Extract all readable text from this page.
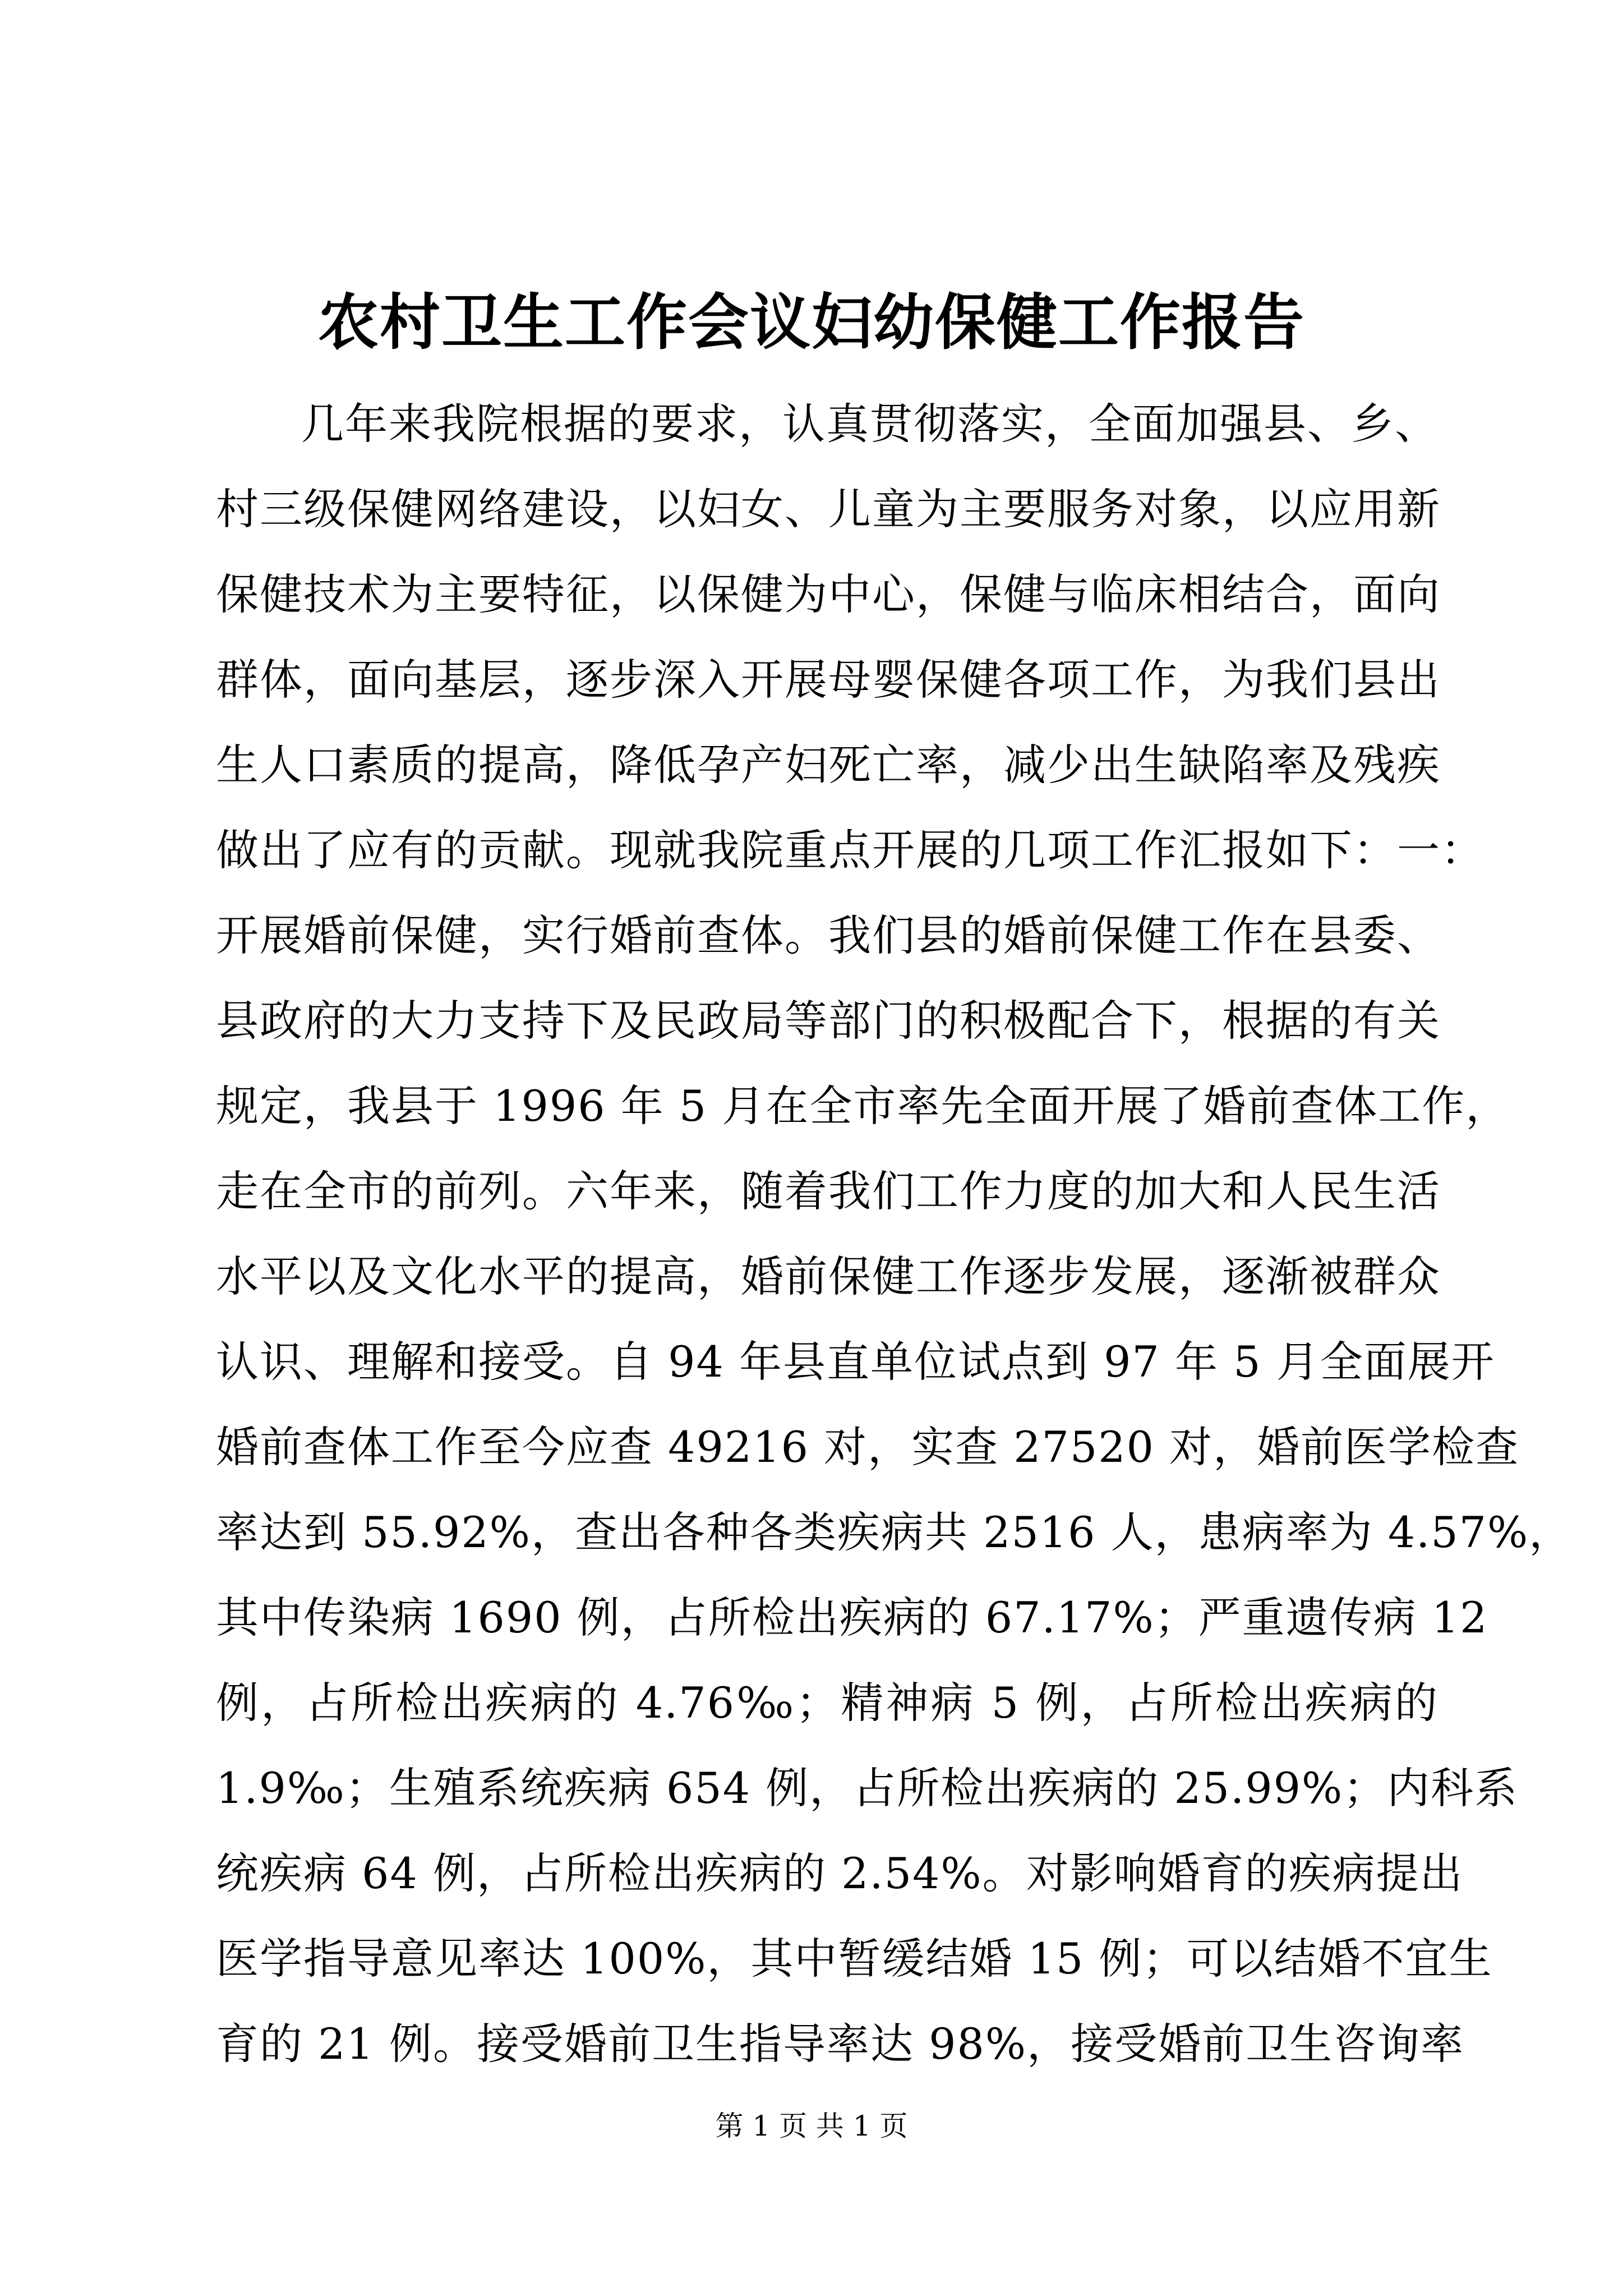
农村卫生工作会议妇幼保健工作报告
几年来我院根据的要求，认真贯彻落实，全面加强县、乡、
村三级保健网络建设，以妇女、儿童为主要服务对象，以应用新
保健技术为主要特征，以保健为中心，保健与临床相结合，面向
群体，面向基层，逐步深入开展母婴保健各项工作，为我们县出
生人口素质的提高，降低孕产妇死亡率，减少出生缺陷率及残疾
做出了应有的贡献。现就我院重点开展的几项工作汇报如下：一：
开展婚前保健，实行婚前查体。我们县的婚前保健工作在县委、
县政府的大力支持下及民政局等部门的积极配合下，根据的有关
规定，我县于 1996 年 5 月在全市率先全面开展了婚前查体工作，
走在全市的前列。六年来，随着我们工作力度的加大和人民生活
水平以及文化水平的提高，婚前保健工作逐步发展，逐渐被群众
认识、理解和接受。自 94 年县直单位试点到 97 年 5 月全面展开
婚前查体工作至今应查 49216 对，实查 27520 对，婚前医学检查
率达到 55.92%，查出各种各类疾病共 2516 人，患病率为 4.57%，
其中传染病 1690 例，占所检出疾病的 67.17%；严重遗传病 12
例，占所检出疾病的 4.76‰；精神病 5 例，占所检出疾病的
1.9‰；生殖系统疾病 654 例，占所检出疾病的 25.99%；内科系
统疾病 64 例，占所检出疾病的 2.54%。对影响婚育的疾病提出
医学指导意见率达 100%，其中暂缓结婚 15 例；可以结婚不宜生
育的 21 例。接受婚前卫生指导率达 98%，接受婚前卫生咨询率
第 1 页 共 1 页
